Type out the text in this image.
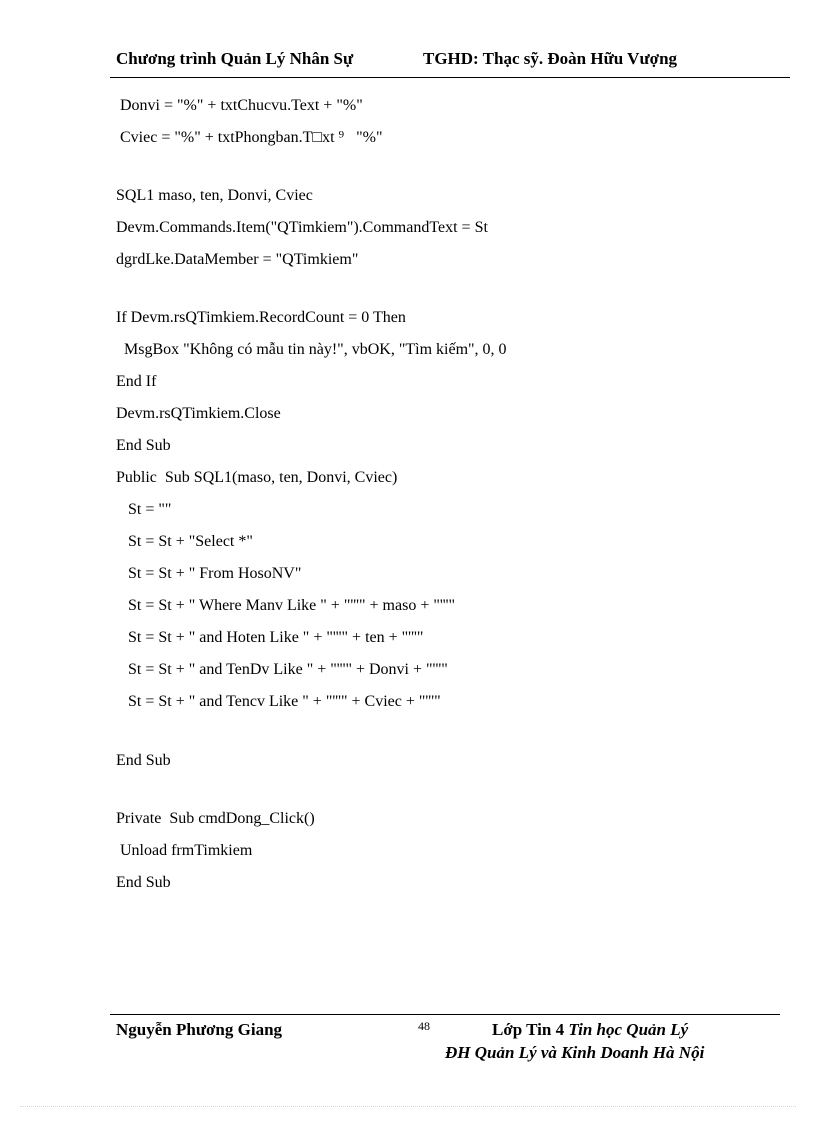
Chương trình Quản Lý Nhân Sự	TGHD: Thạc sỹ. Đoàn Hữu Vượng
Donvi = "%" + txtChucvu.Text + "%"
Cviec = "%" + txtPhongban.T□xt ⁹   "%"
SQL1 maso, ten, Donvi, Cviec
Devm.Commands.Item("QTimkiem").CommandText = St
dgrdLke.DataMember = "QTimkiem"
If Devm.rsQTimkiem.RecordCount = 0 Then
MsgBox "Không có mẫu tin này!", vbOK, "Tìm kiếm", 0, 0
End If
Devm.rsQTimkiem.Close
End Sub
Public  Sub SQL1(maso, ten, Donvi, Cviec)
St = ""
St = St + "Select *"
St = St + " From HosoNV"
St = St + " Where Manv Like " + "'''" + maso + "'''"
St = St + " and Hoten Like " + "'''" + ten + "'''"
St = St + " and TenDv Like " + "'''" + Donvi + "'''"
St = St + " and Tencv Like " + "'''" + Cviec + "'''"
End Sub
Private  Sub cmdDong_Click()
Unload frmTimkiem
End Sub
Nguyễn Phương Giang	48	Lớp Tin 4 Tin học Quản Lý
ĐH Quản Lý và Kinh Doanh Hà Nội
